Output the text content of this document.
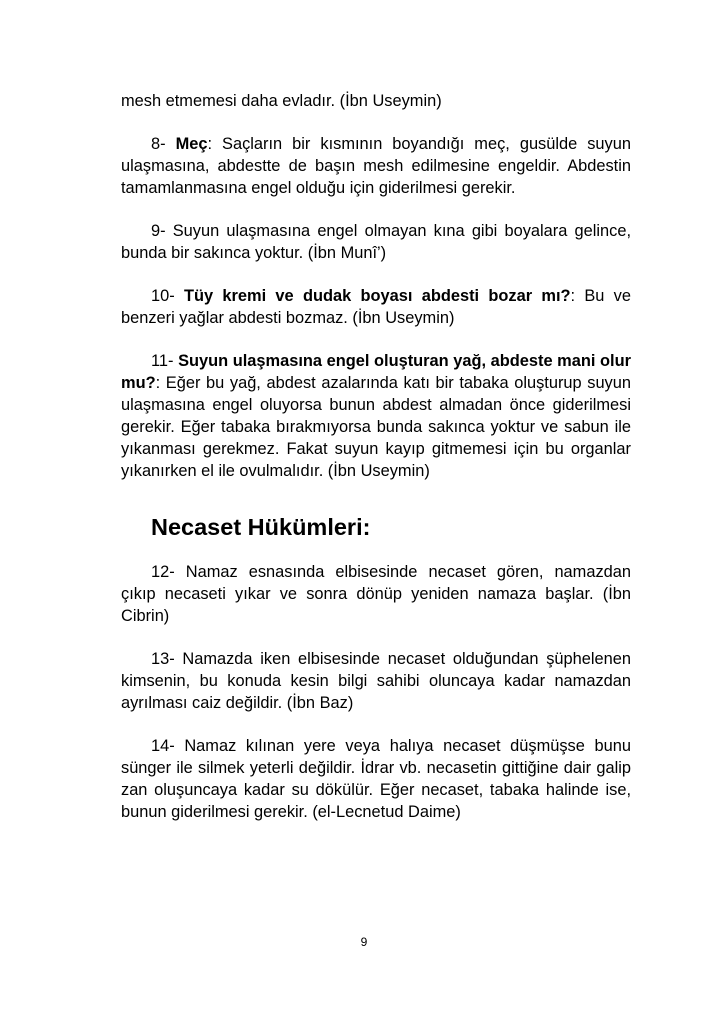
mesh etmemesi daha evladır. (İbn Useymin)

8- Meç: Saçların bir kısmının boyandığı meç, gusülde suyun ulaşmasına, abdestte de başın mesh edilmesine engeldir. Abdestin tamamlanmasına engel olduğu için giderilmesi gerekir.

9- Suyun ulaşmasına engel olmayan kına gibi boyalara gelince, bunda bir sakınca yoktur. (İbn Munî’)

10- Tüy kremi ve dudak boyası abdesti bozar mı?: Bu ve benzeri yağlar abdesti bozmaz. (İbn Useymin)

11- Suyun ulaşmasına engel oluşturan yağ, abdeste mani olur mu?: Eğer bu yağ, abdest azalarında katı bir tabaka oluşturup suyun ulaşmasına engel oluyorsa bunun abdest almadan önce giderilmesi gerekir. Eğer tabaka bırakmıyorsa bunda sakınca yoktur ve sabun ile yıkanması gerekmez. Fakat suyun kayıp gitmemesi için bu organlar yıkanırken el ile ovulmalıdır. (İbn Useymin)

Necaset Hükümleri:

12- Namaz esnasında elbisesinde necaset gören, namazdan çıkıp necaseti yıkar ve sonra dönüp yeniden namaza başlar. (İbn Cibrin)

13- Namazda iken elbisesinde necaset olduğundan şüphelenen kimsenin, bu konuda kesin bilgi sahibi oluncaya kadar namazdan ayrılması caiz değildir. (İbn Baz)

14- Namaz kılınan yere veya halıya necaset düşmüşse bunu sünger ile silmek yeterli değildir. İdrar vb. necasetin gittiğine dair galip zan oluşuncaya kadar su dökülür. Eğer necaset, tabaka halinde ise, bunun giderilmesi gerekir. (el-Lecnetud Daime)

9
